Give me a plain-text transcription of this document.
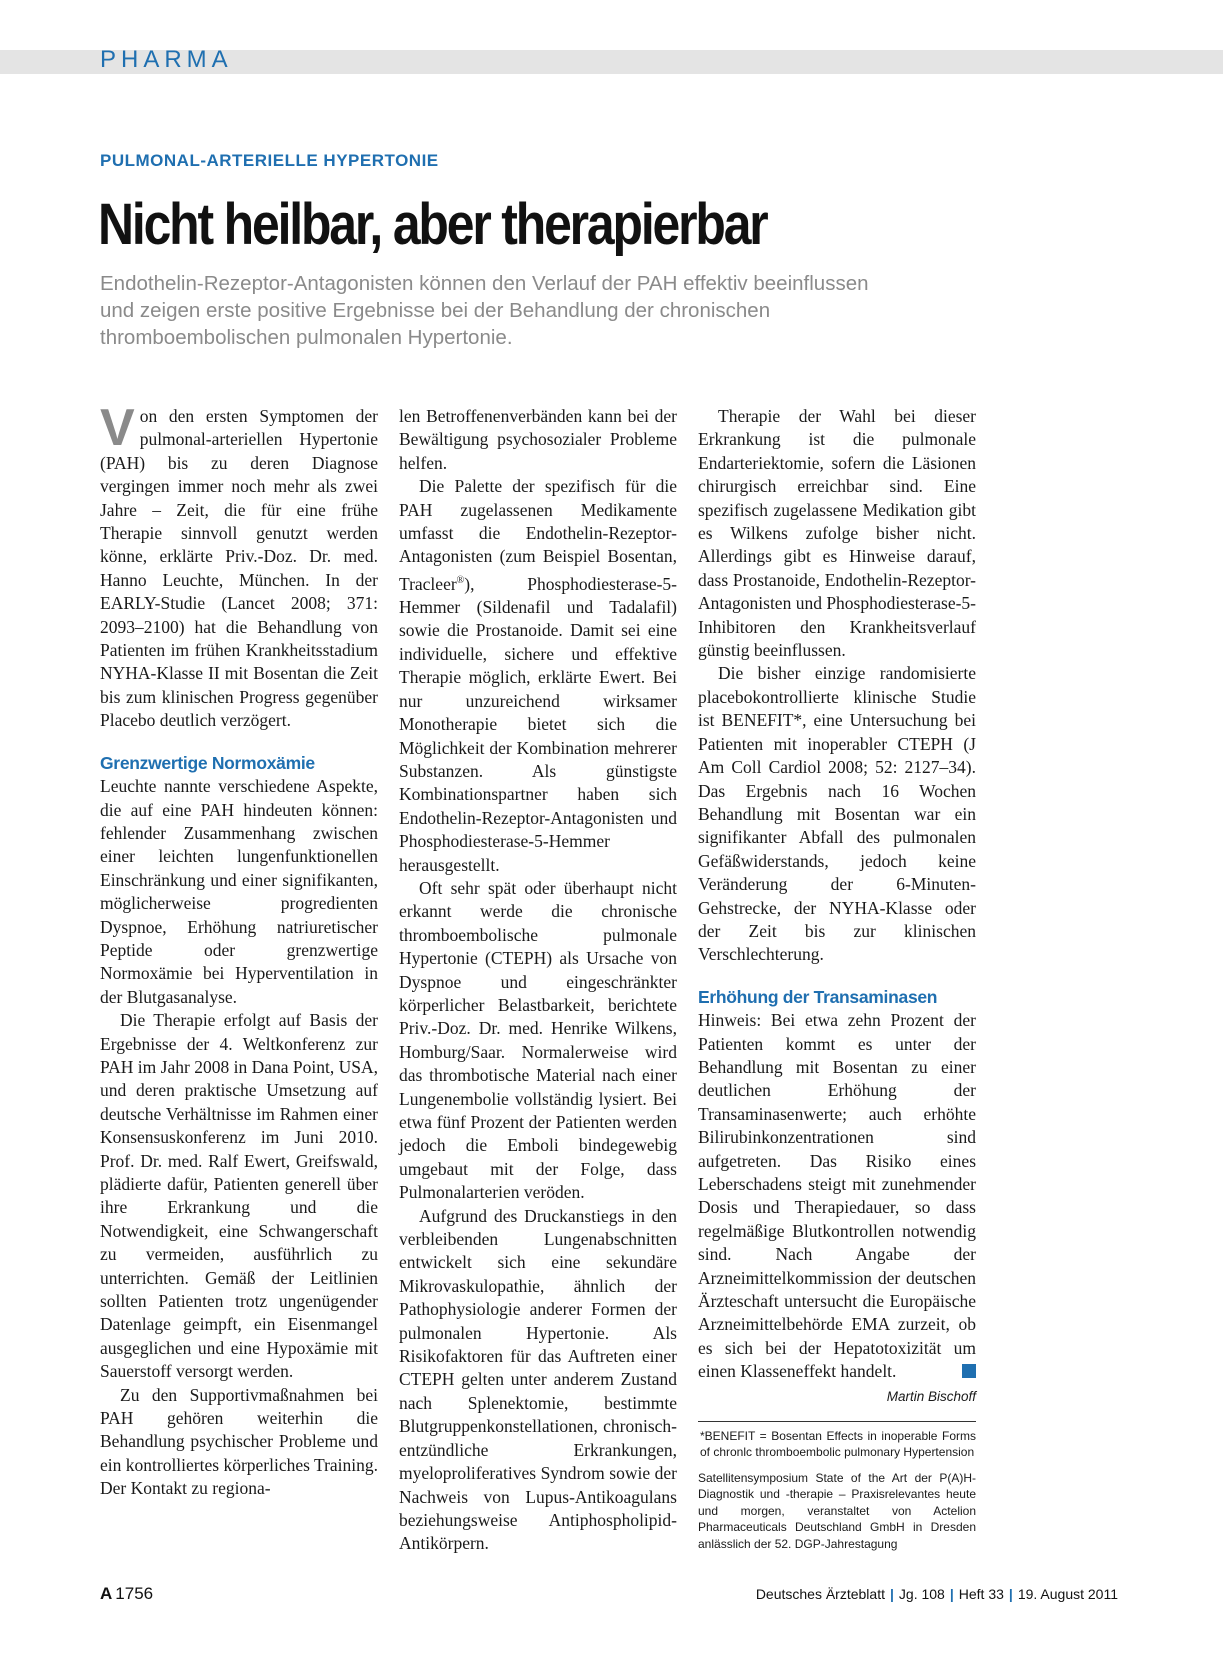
PHARMA
PULMONAL-ARTERIELLE HYPERTONIE
Nicht heilbar, aber therapierbar

Endothelin-Rezeptor-Antagonisten können den Verlauf der PAH effektiv beeinflussen und zeigen erste positive Ergebnisse bei der Behandlung der chronischen thromboembolischen pulmonalen Hypertonie.

Von den ersten Symptomen der pulmonal-arteriellen Hypertonie (PAH) bis zu deren Diagnose vergingen immer noch mehr als zwei Jahre – Zeit, die für eine frühe Therapie sinnvoll genutzt werden könne, erklärte Priv.-Doz. Dr. med. Hanno Leuchte, München. In der EARLY-Studie (Lancet 2008; 371: 2093–2100) hat die Behandlung von Patienten im frühen Krankheitsstadium NYHA-Klasse II mit Bosentan die Zeit bis zum klinischen Progress gegenüber Placebo deutlich verzögert.

Grenzwertige Normoxämie

Leuchte nannte verschiedene Aspekte, die auf eine PAH hindeuten können: fehlender Zusammenhang zwischen einer leichten lungenfunktionellen Einschränkung und einer signifikanten, möglicherweise progredienten Dyspnoe, Erhöhung natriuretischer Peptide oder grenzwertige Normoxämie bei Hyperventilation in der Blutgasanalyse.

Die Therapie erfolgt auf Basis der Ergebnisse der 4. Weltkonferenz zur PAH im Jahr 2008 in Dana Point, USA, und deren praktische Umsetzung auf deutsche Verhältnisse im Rahmen einer Konsensuskonferenz im Juni 2010. Prof. Dr. med. Ralf Ewert, Greifswald, plädierte dafür, Patienten generell über ihre Erkrankung und die Notwendigkeit, eine Schwangerschaft zu vermeiden, ausführlich zu unterrichten. Gemäß der Leitlinien sollten Patienten trotz ungenügender Datenlage geimpft, ein Eisenmangel ausgeglichen und eine Hypoxämie mit Sauerstoff versorgt werden.

Zu den Supportivmaßnahmen bei PAH gehören weiterhin die Behandlung psychischer Probleme und ein kontrolliertes körperliches Training. Der Kontakt zu regiona-

len Betroffenenverbänden kann bei der Bewältigung psychosozialer Probleme helfen.

Die Palette der spezifisch für die PAH zugelassenen Medikamente umfasst die Endothelin-Rezeptor-Antagonisten (zum Beispiel Bosentan, Tracleer®), Phosphodiesterase-5-Hemmer (Sildenafil und Tadalafil) sowie die Prostanoide. Damit sei eine individuelle, sichere und effektive Therapie möglich, erklärte Ewert. Bei nur unzureichend wirksamer Monotherapie bietet sich die Möglichkeit der Kombination mehrerer Substanzen. Als günstigste Kombinationspartner haben sich Endothelin-Rezeptor-Antagonisten und Phosphodiesterase-5-Hemmer herausgestellt.

Oft sehr spät oder überhaupt nicht erkannt werde die chronische thromboembolische pulmonale Hypertonie (CTEPH) als Ursache von Dyspnoe und eingeschränkter körperlicher Belastbarkeit, berichtete Priv.-Doz. Dr. med. Henrike Wilkens, Homburg/Saar. Normalerweise wird das thrombotische Material nach einer Lungenembolie vollständig lysiert. Bei etwa fünf Prozent der Patienten werden jedoch die Emboli bindegewebig umgebaut mit der Folge, dass Pulmonalarterien veröden.

Aufgrund des Druckanstiegs in den verbleibenden Lungenabschnitten entwickelt sich eine sekundäre Mikrovaskulopathie, ähnlich der Pathophysiologie anderer Formen der pulmonalen Hypertonie. Als Risikofaktoren für das Auftreten einer CTEPH gelten unter anderem Zustand nach Splenektomie, bestimmte Blutgruppenkonstellationen, chronisch-entzündliche Erkrankungen, myeloproliferatives Syndrom sowie der Nachweis von Lupus-Antikoagulans beziehungsweise Antiphospholipid-Antikörpern.

Therapie der Wahl bei dieser Erkrankung ist die pulmonale Endarteriektomie, sofern die Läsionen chirurgisch erreichbar sind. Eine spezifisch zugelassene Medikation gibt es Wilkens zufolge bisher nicht. Allerdings gibt es Hinweise darauf, dass Prostanoide, Endothelin-Rezeptor-Antagonisten und Phosphodiesterase-5-Inhibitoren den Krankheitsverlauf günstig beeinflussen.

Die bisher einzige randomisierte placebokontrollierte klinische Studie ist BENEFIT*, eine Untersuchung bei Patienten mit inoperabler CTEPH (J Am Coll Cardiol 2008; 52: 2127–34). Das Ergebnis nach 16 Wochen Behandlung mit Bosentan war ein signifikanter Abfall des pulmonalen Gefäßwiderstands, jedoch keine Veränderung der 6-Minuten-Gehstrecke, der NYHA-Klasse oder der Zeit bis zur klinischen Verschlechterung.

Erhöhung der Transaminasen

Hinweis: Bei etwa zehn Prozent der Patienten kommt es unter der Behandlung mit Bosentan zu einer deutlichen Erhöhung der Transaminasenwerte; auch erhöhte Bilirubinkonzentrationen sind aufgetreten. Das Risiko eines Leberschadens steigt mit zunehmender Dosis und Therapiedauer, so dass regelmäßige Blutkontrollen notwendig sind. Nach Angabe der Arzneimittelkommission der deutschen Ärzteschaft untersucht die Europäische Arzneimittelbehörde EMA zurzeit, ob es sich bei der Hepatotoxizität um einen Klasseneffekt handelt.

Martin Bischoff

*BENEFIT = Bosentan Effects in inoperable Forms of chronlc thromboembolic pulmonary Hypertension

Satellitensymposium State of the Art der P(A)H-Diagnostik und -therapie – Praxisrelevantes heute und morgen, veranstaltet von Actelion Pharmaceuticals Deutschland GmbH in Dresden anlässlich der 52. DGP-Jahrestagung

A 1756	Deutsches Ärzteblatt | Jg. 108 | Heft 33 | 19. August 2011
